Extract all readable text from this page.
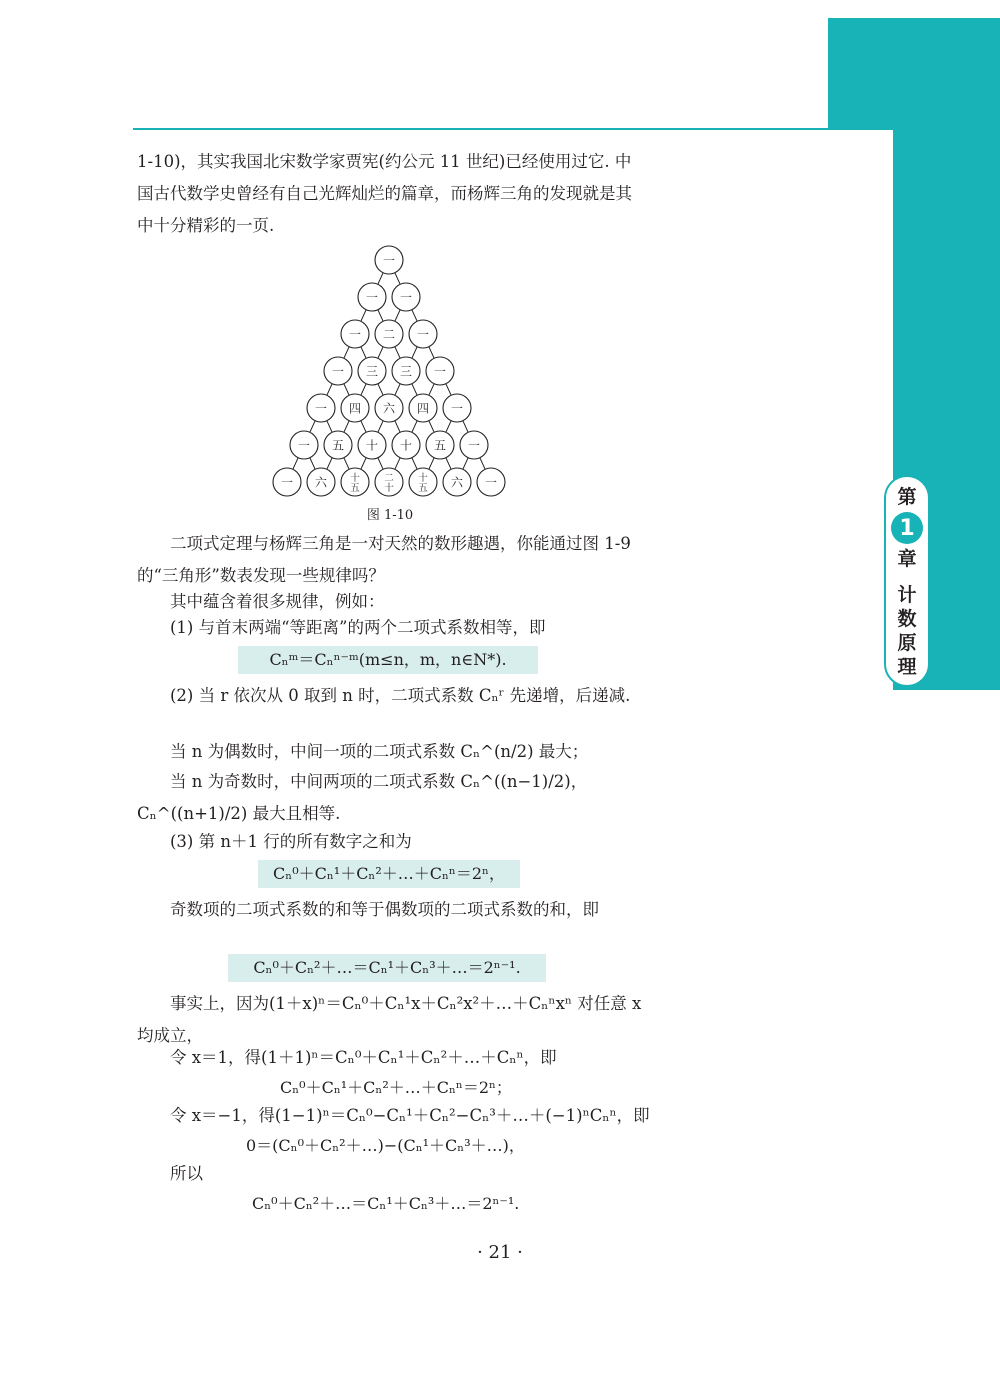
第
1
章
计
数
原
理

1-10)，其实我国北宋数学家贾宪(约公元 11 世纪)已经使用过它. 中国古代数学史曾经有自己光辉灿烂的篇章，而杨辉三角的发现就是其中十分精彩的一页.

一
一 一
一 二 一
一 三 三 一
一 四 六 四 一
一 五 十 十 五 一
一 六 十
五
二
十
十
五 六 一
图 1-10

二项式定理与杨辉三角是一对天然的数形趣遇，你能通过图 1-9 的“三角形”数表发现一些规律吗？

其中蕴含着很多规律，例如：

(1) 与首末两端“等距离”的两个二项式系数相等，即

Cₙᵐ＝Cₙⁿ⁻ᵐ(m≤n，m，n∈N*).

(2) 当 r 依次从 0 取到 n 时，二项式系数 Cₙʳ 先递增，后递减.

当 n 为偶数时，中间一项的二项式系数 Cₙ^(n/2) 最大；

当 n 为奇数时，中间两项的二项式系数 Cₙ^((n−1)/2)，Cₙ^((n+1)/2) 最大且相等.

(3) 第 n＋1 行的所有数字之和为

Cₙ⁰＋Cₙ¹＋Cₙ²＋…＋Cₙⁿ＝2ⁿ，

奇数项的二项式系数的和等于偶数项的二项式系数的和，即

Cₙ⁰＋Cₙ²＋…＝Cₙ¹＋Cₙ³＋…＝2ⁿ⁻¹.

事实上，因为(1＋x)ⁿ＝Cₙ⁰＋Cₙ¹x＋Cₙ²x²＋…＋Cₙⁿxⁿ 对任意 x 均成立，

令 x＝1，得(1＋1)ⁿ＝Cₙ⁰＋Cₙ¹＋Cₙ²＋…＋Cₙⁿ，即

Cₙ⁰＋Cₙ¹＋Cₙ²＋…＋Cₙⁿ＝2ⁿ；

令 x＝−1，得(1−1)ⁿ＝Cₙ⁰−Cₙ¹＋Cₙ²−Cₙ³＋…＋(−1)ⁿCₙⁿ，即

0＝(Cₙ⁰＋Cₙ²＋…)−(Cₙ¹＋Cₙ³＋…)，

所以

Cₙ⁰＋Cₙ²＋…＝Cₙ¹＋Cₙ³＋…＝2ⁿ⁻¹.
· 21 ·
